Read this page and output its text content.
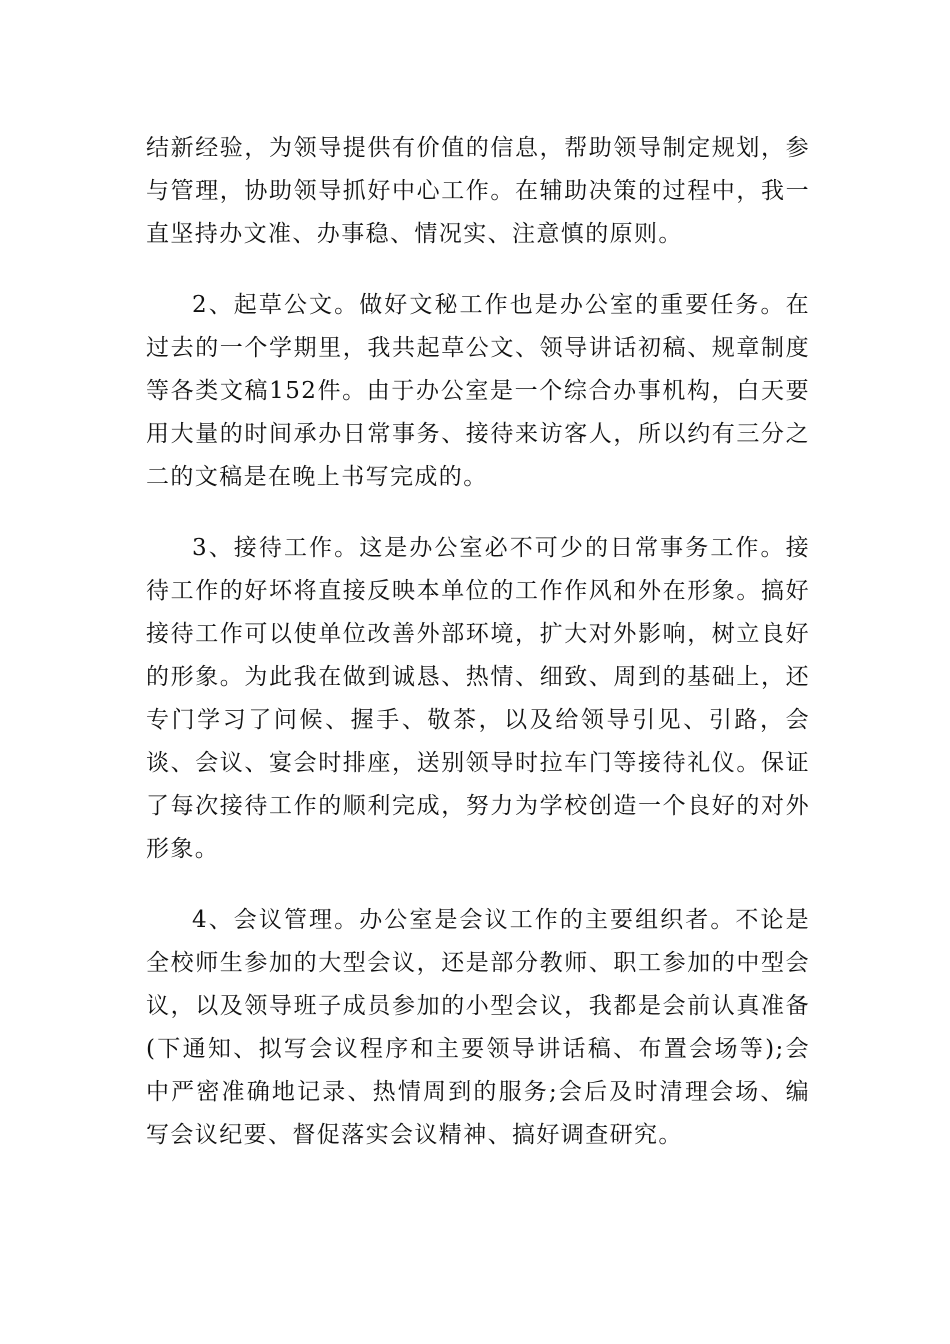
结新经验，为领导提供有价值的信息，帮助领导制定规划，参与管理，协助领导抓好中心工作。在辅助决策的过程中，我一直坚持办文准、办事稳、情况实、注意慎的原则。

2、起草公文。做好文秘工作也是办公室的重要任务。在过去的一个学期里，我共起草公文、领导讲话初稿、规章制度等各类文稿152件。由于办公室是一个综合办事机构，白天要用大量的时间承办日常事务、接待来访客人，所以约有三分之二的文稿是在晚上书写完成的。

3、接待工作。这是办公室必不可少的日常事务工作。接待工作的好坏将直接反映本单位的工作作风和外在形象。搞好接待工作可以使单位改善外部环境，扩大对外影响，树立良好的形象。为此我在做到诚恳、热情、细致、周到的基础上，还专门学习了问候、握手、敬茶，以及给领导引见、引路，会谈、会议、宴会时排座，送别领导时拉车门等接待礼仪。保证了每次接待工作的顺利完成，努力为学校创造一个良好的对外形象。

4、会议管理。办公室是会议工作的主要组织者。不论是全校师生参加的大型会议，还是部分教师、职工参加的中型会议，以及领导班子成员参加的小型会议，我都是会前认真准备(下通知、拟写会议程序和主要领导讲话稿、布置会场等);会中严密准确地记录、热情周到的服务;会后及时清理会场、编写会议纪要、督促落实会议精神、搞好调查研究。
